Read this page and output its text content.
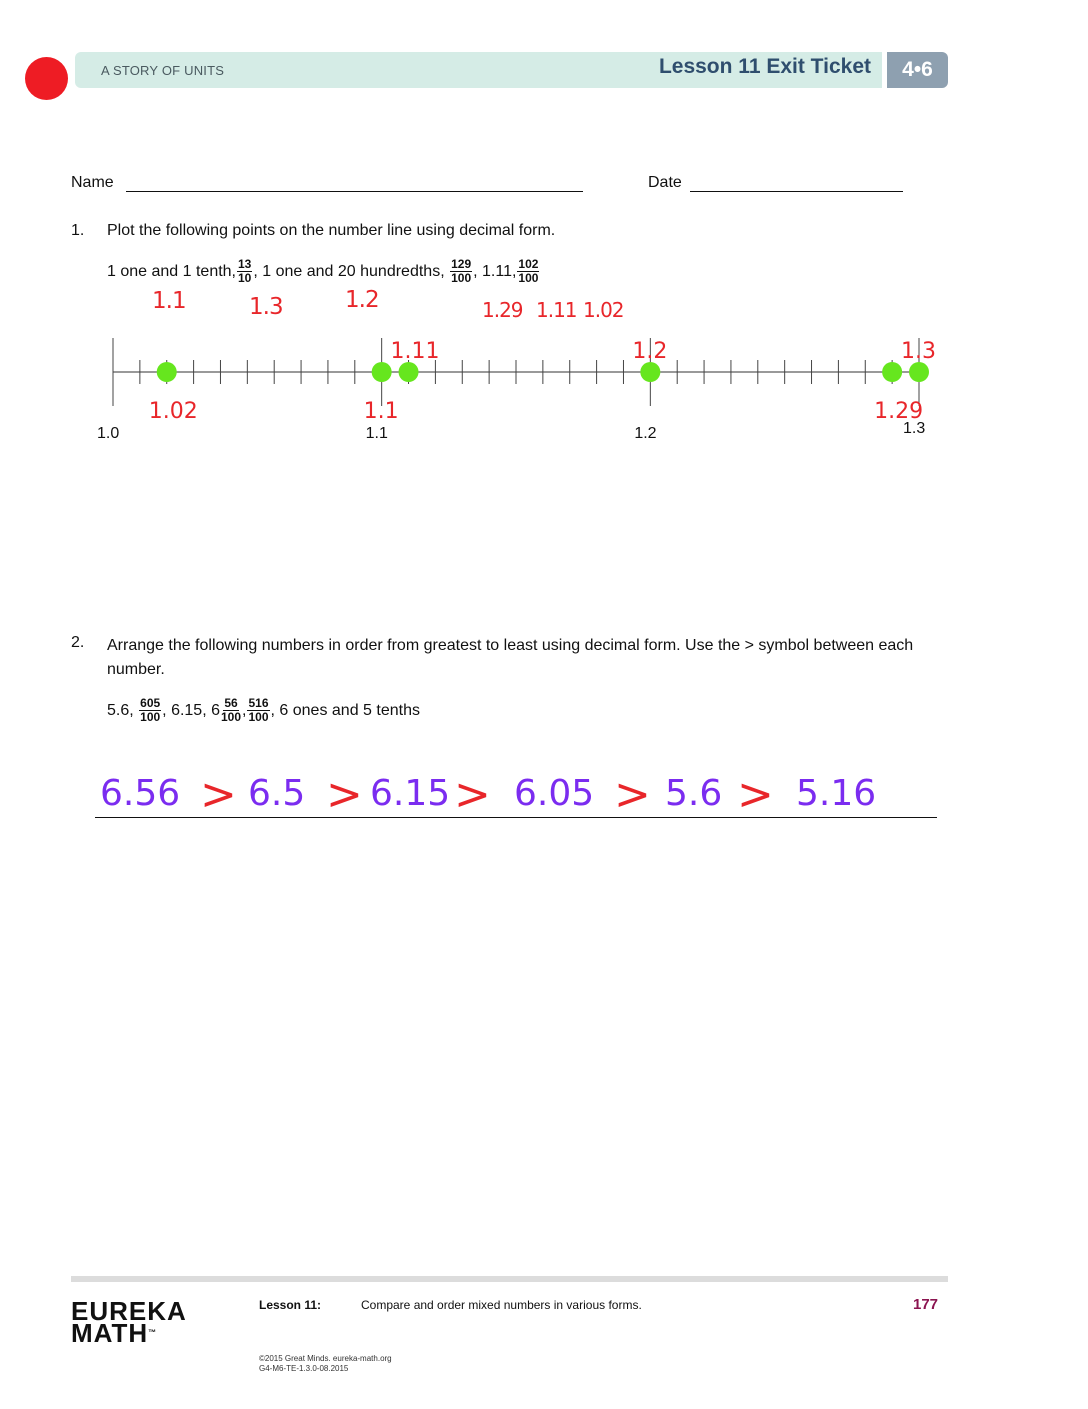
A STORY OF UNITS	Lesson 11 Exit Ticket	4•6
Name	Date
1. Plot the following points on the number line using decimal form.
1 one and 1 tenth, $\frac{13}{10}$ ,
1 one and 20 hundredths,
$\frac{129}{100}$ , 1.11, $\frac{102}{100}$
1.1	1.3	1.2	1.29 1.11 1.02
1.02	1.1
1.11	1.2
1.29
1.3
1.0	1.1	1.2	1.3
2. Arrange the following numbers in order from greatest to least using decimal form. Use the > symbol between each number.
5.6,
$\frac{605}{100}$ , 6.15, $6 \frac{56}{100}$ , $\frac{516}{100}$ , 6 ones and 5 tenths
6.56 > 6.5 > 6.15 > 6.05 > 5.6 > 5.16
EUREKA
MATH™
Lesson 11:	Compare and order mixed numbers in various forms.	177
©2015 Great Minds. eureka-math.org
G4-M6-TE-1.3.0-08.2015
